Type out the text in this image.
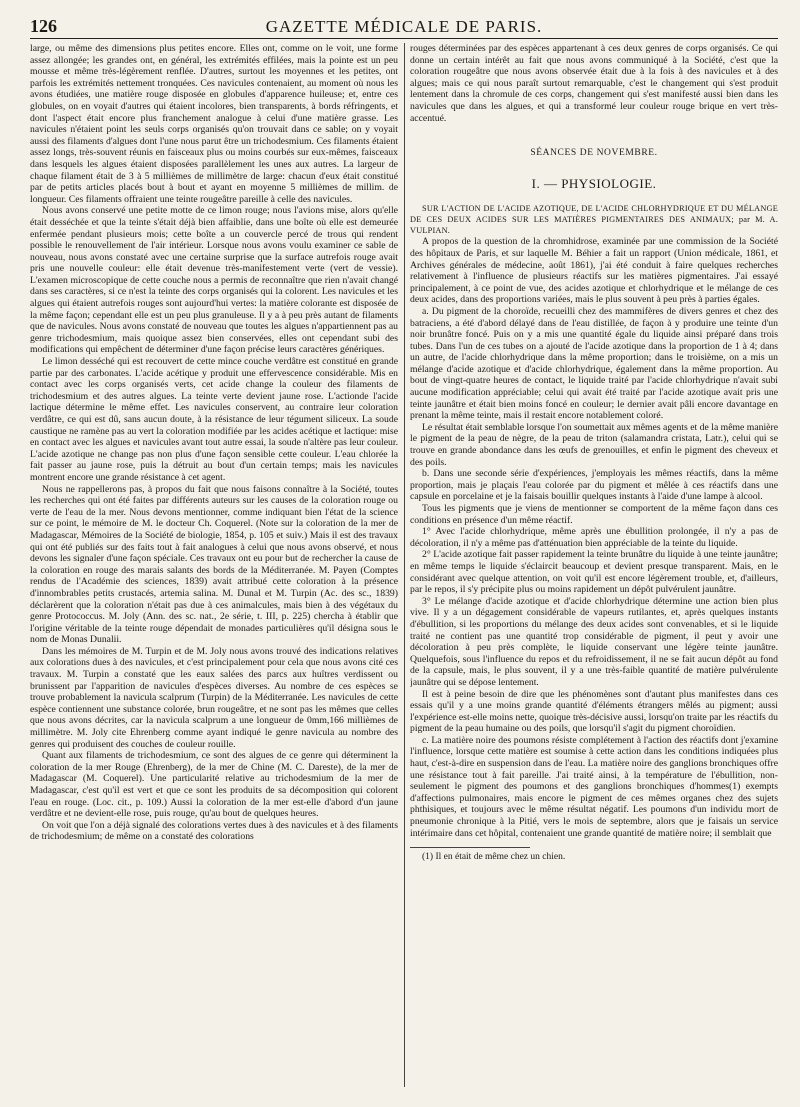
126	GAZETTE MÉDICALE DE PARIS.

large, ou même des dimensions plus petites encore. Elles ont, comme on le voit, une forme assez allongée; les grandes ont, en général, les extrémités effilées, mais la pointe est un peu mousse et même très-légèrement renflée. D'autres, surtout les moyennes et les petites, ont parfois les extrémités nettement tronquées. Ces navicules contenaient, au moment où nous les avons étudiées, une matière rouge disposée en globules d'apparence huileuse; et, entre ces globules, on en voyait d'autres qui étaient incolores, bien transparents, à bords réfringents, et dont l'aspect était encore plus franchement analogue à celui d'une matière grasse. Les navicules n'étaient point les seuls corps organisés qu'on trouvait dans ce sable; on y voyait aussi des filaments d'algues dont l'une nous parut être un trichodesmium. Ces filaments étaient assez longs, très-souvent réunis en faisceaux plus ou moins courbés sur eux-mêmes, faisceaux dans lesquels les algues étaient disposées parallèlement les unes aux autres. La largeur de chaque filament était de 3 à 5 millièmes de millimètre de large: chacun d'eux était constitué par de petits articles placés bout à bout et ayant en moyenne 5 millièmes de millim. de longueur. Ces filaments offraient une teinte rougeâtre pareille à celle des navicules.

Nous avons conservé une petite motte de ce limon rouge; nous l'avions mise, alors qu'elle était desséchée et que la teinte s'était déjà bien affaiblie, dans une boîte où elle est demeurée enfermée pendant plusieurs mois; cette boîte a un couvercle percé de trous qui rendent possible le renouvellement de l'air intérieur. Lorsque nous avons voulu examiner ce sable de nouveau, nous avons constaté avec une certaine surprise que la surface autrefois rouge avait pris une nouvelle couleur: elle était devenue très-manifestement verte (vert de vessie). L'examen microscopique de cette couche nous a permis de reconnaître que rien n'avait changé dans ses caractères, si ce n'est la teinte des corps organisés qui la colorent. Les navicules et les algues qui étaient autrefois rouges sont aujourd'hui vertes: la matière colorante est disposée de la même façon; cependant elle est un peu plus granuleuse. Il y a à peu près autant de filaments que de navicules. Nous avons constaté de nouveau que toutes les algues n'appartiennent pas au genre trichodesmium, mais quoique assez bien conservées, elles ont cependant subi des modifications qui empêchent de déterminer d'une façon précise leurs caractères génériques.

Le limon desséché qui est recouvert de cette mince couche verdâtre est constitué en grande partie par des carbonates. L'acide acétique y produit une effervescence considérable. Mis en contact avec les corps organisés verts, cet acide change la couleur des filaments de trichodesmium et des autres algues. La teinte verte devient jaune rose. L'actionde l'acide lactique détermine le même effet. Les navicules conservent, au contraire leur coloration verdâtre, ce qui est dû, sans aucun doute, à la résistance de leur tégument siliceux. La soude caustique ne ramène pas au vert la coloration modifiée par les acides acétique et lactique: mise en contact avec les algues et navicules avant tout autre essai, la soude n'altère pas leur couleur. L'acide azotique ne change pas non plus d'une façon sensible cette couleur. L'eau chlorée la fait passer au jaune rose, puis la détruit au bout d'un certain temps; mais les navicules montrent encore une grande résistance à cet agent.

Nous ne rappellerons pas, à propos du fait que nous faisons connaître à la Société, toutes les recherches qui ont été faites par différents auteurs sur les causes de la coloration rouge ou verte de l'eau de la mer. Nous devons mentionner, comme indiquant bien l'état de la science sur ce point, le mémoire de M. le docteur Ch. Coquerel. (Note sur la coloration de la mer de Madagascar, Mémoires de la Société de biologie, 1854, p. 105 et suiv.) Mais il est des travaux qui ont été publiés sur des faits tout à fait analogues à celui que nous avons observé, et nous devons les signaler d'une façon spéciale. Ces travaux ont eu pour but de rechercher la cause de la coloration en rouge des marais salants des bords de la Méditerranée. M. Payen (Comptes rendus de l'Académie des sciences, 1839) avait attribué cette coloration à la présence d'innombrables petits crustacés, artemia salina. M. Dunal et M. Turpin (Ac. des sc., 1839) déclarèrent que la coloration n'était pas due à ces animalcules, mais bien à des végétaux du genre Protococcus. M. Joly (Ann. des sc. nat., 2e série, t. III, p. 225) chercha à établir que l'origine véritable de la teinte rouge dépendait de monades particulières qu'il désigna sous le nom de Monas Dunalii.

Dans les mémoires de M. Turpin et de M. Joly nous avons trouvé des indications relatives aux colorations dues à des navicules, et c'est principalement pour cela que nous avons cité ces travaux. M. Turpin a constaté que les eaux salées des parcs aux huîtres verdissent ou brunissent par l'apparition de navicules d'espèces diverses. Au nombre de ces espèces se trouve probablement la navicula scalprum (Turpin) de la Méditerranée. Les navicules de cette espèce contiennent une substance colorée, brun rougeâtre, et ne sont pas les mêmes que celles que nous avons décrites, car la navicula scalprum a une longueur de 0mm,166 millièmes de millimètre. M. Joly cite Ehrenberg comme ayant indiqué le genre navicula au nombre des genres qui produisent des couches de couleur rouille.

Quant aux filaments de trichodesmium, ce sont des algues de ce genre qui déterminent la coloration de la mer Rouge (Ehrenberg), de la mer de Chine (M. C. Dareste), de la mer de Madagascar (M. Coquerel). Une particularité relative au trichodesmium de la mer de Madagascar, c'est qu'il est vert et que ce sont les produits de sa décomposition qui colorent l'eau en rouge. (Loc. cit., p. 109.) Aussi la coloration de la mer est-elle d'abord d'un jaune verdâtre et ne devient-elle rose, puis rouge, qu'au bout de quelques heures.

On voit que l'on a déjà signalé des colorations vertes dues à des navicules et à des filaments de trichodesmium; de même on a constaté des colorations

rouges déterminées par des espèces appartenant à ces deux genres de corps organisés. Ce qui donne un certain intérêt au fait que nous avons communiqué à la Société, c'est que la coloration rougeâtre que nous avons observée était due à la fois à des navicules et à des algues; mais ce qui nous paraît surtout remarquable, c'est le changement qui s'est produit lentement dans la chromule de ces corps, changement qui s'est manifesté aussi bien dans les navicules que dans les algues, et qui a transformé leur couleur rouge brique en vert très-accentué.

SÉANCES DE NOVEMBRE.
I. — PHYSIOLOGIE.

SUR L'ACTION DE L'ACIDE AZOTIQUE, DE L'ACIDE CHLORHYDRIQUE ET DU MÉLANGE DE CES DEUX ACIDES SUR LES MATIÈRES PIGMENTAIRES DES ANIMAUX; par M. A. VULPIAN.

A propos de la question de la chromhidrose, examinée par une commission de la Société des hôpitaux de Paris, et sur laquelle M. Béhier a fait un rapport (Union médicale, 1861, et Archives générales de médecine, août 1861), j'ai été conduit à faire quelques recherches relativement à l'influence de plusieurs réactifs sur les matières pigmentaires. J'ai essayé principalement, à ce point de vue, des acides azotique et chlorhydrique et le mélange de ces deux acides, dans des proportions variées, mais le plus souvent à peu près à parties égales.

a. Du pigment de la choroïde, recueilli chez des mammifères de divers genres et chez des batraciens, a été d'abord délayé dans de l'eau distillée, de façon à y produire une teinte d'un noir brunâtre foncé. Puis on y a mis une quantité égale du liquide ainsi préparé dans trois tubes. Dans l'un de ces tubes on a ajouté de l'acide azotique dans la proportion de 1 à 4; dans un autre, de l'acide chlorhydrique dans la même proportion; dans le troisième, on a mis un mélange d'acide azotique et d'acide chlorhydrique, également dans la même proportion. Au bout de vingt-quatre heures de contact, le liquide traité par l'acide chlorhydrique n'avait subi aucune modification appréciable; celui qui avait été traité par l'acide azotique avait pris une teinte jaunâtre et était bien moins foncé en couleur; le dernier avait pâli encore davantage en prenant la même teinte, mais il restait encore notablement coloré.

Le résultat était semblable lorsque l'on soumettait aux mêmes agents et de la même manière le pigment de la peau de nègre, de la peau de triton (salamandra cristata, Latr.), celui qui se trouve en grande abondance dans les œufs de grenouilles, et enfin le pigment des cheveux et des poils.

b. Dans une seconde série d'expériences, j'employais les mêmes réactifs, dans la même proportion, mais je plaçais l'eau colorée par du pigment et mêlée à ces réactifs dans une capsule en porcelaine et je la faisais bouillir quelques instants à l'aide d'une lampe à alcool.

Tous les pigments que je viens de mentionner se comportent de la même façon dans ces conditions en présence d'un même réactif.

1° Avec l'acide chlorhydrique, même après une ébullition prolongée, il n'y a pas de décoloration, il n'y a même pas d'atténuation bien appréciable de la teinte du liquide.

2° L'acide azotique fait passer rapidement la teinte brunâtre du liquide à une teinte jaunâtre; en même temps le liquide s'éclaircit beaucoup et devient presque transparent. Mais, en le considérant avec quelque attention, on voit qu'il est encore légèrement trouble, et, d'ailleurs, par le repos, il s'y précipite plus ou moins rapidement un dépôt pulvérulent jaunâtre.

3° Le mélange d'acide azotique et d'acide chlorhydrique détermine une action bien plus vive. Il y a un dégagement considérable de vapeurs rutilantes, et, après quelques instants d'ébullition, si les proportions du mélange des deux acides sont convenables, et si le liquide traité ne contient pas une quantité trop considérable de pigment, il peut y avoir une décoloration à peu près complète, le liquide conservant une légère teinte jaunâtre. Quelquefois, sous l'influence du repos et du refroidissement, il ne se fait aucun dépôt au fond de la capsule, mais, le plus souvent, il y a une très-faible quantité de matière pulvérulente jaunâtre qui se dépose lentement.

Il est à peine besoin de dire que les phénomènes sont d'autant plus manifestes dans ces essais qu'il y a une moins grande quantité d'éléments étrangers mêlés au pigment; aussi l'expérience est-elle moins nette, quoique très-décisive aussi, lorsqu'on traite par les réactifs du pigment de la peau humaine ou des poils, que lorsqu'il s'agit du pigment choroïdien.

c. La matière noire des poumons résiste complétement à l'action des réactifs dont j'examine l'influence, lorsque cette matière est soumise à cette action dans les conditions indiquées plus haut, c'est-à-dire en suspension dans de l'eau. La matière noire des ganglions bronchiques offre une résistance tout à fait pareille. J'ai traité ainsi, à la température de l'ébullition, non-seulement le pigment des poumons et des ganglions bronchiques d'hommes(1) exempts d'affections pulmonaires, mais encore le pigment de ces mêmes organes chez des sujets phthisiques, et toujours avec le même résultat négatif. Les poumons d'un individu mort de pneumonie chronique à la Pitié, vers le mois de septembre, alors que je faisais un service intérimaire dans cet hôpital, contenaient une grande quantité de matière noire; il semblait que

(1) Il en était de même chez un chien.
